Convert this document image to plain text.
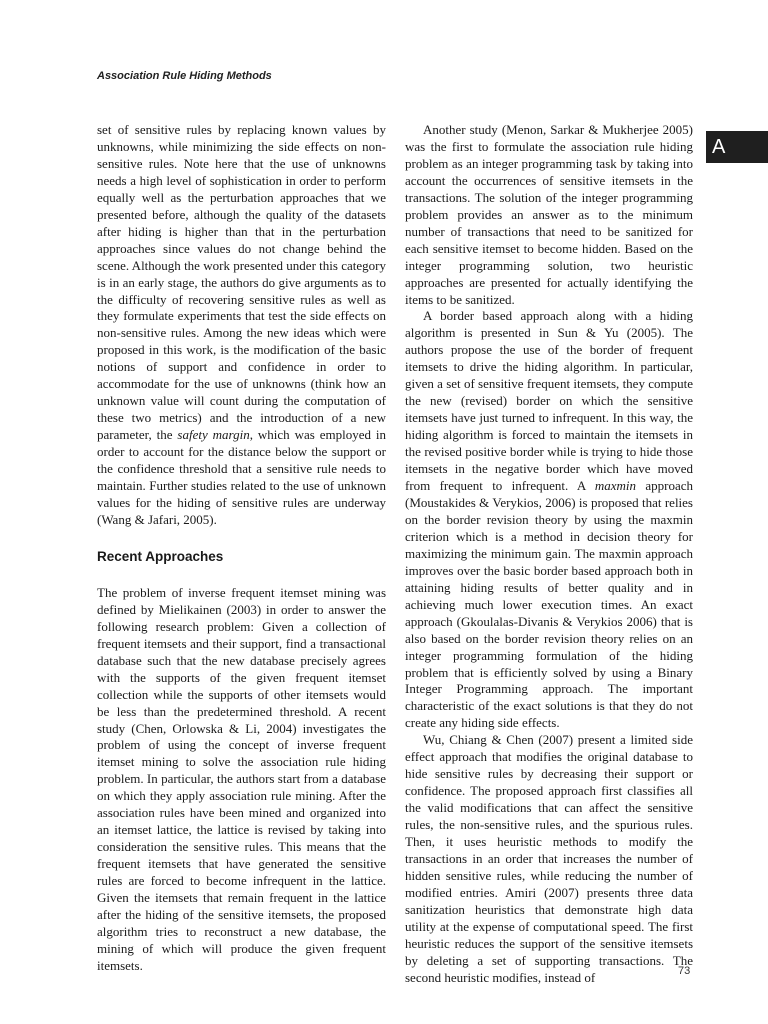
Association Rule Hiding Methods
A

set of sensitive rules by replacing known values by unknowns, while minimizing the side effects on non-sensitive rules. Note here that the use of unknowns needs a high level of sophistication in order to perform equally well as the perturbation approaches that we presented before, although the quality of the datasets after hiding is higher than that in the perturbation approaches since values do not change behind the scene. Although the work presented under this category is in an early stage, the authors do give arguments as to the difficulty of recovering sensitive rules as well as they formulate experiments that test the side effects on non-sensitive rules. Among the new ideas which were proposed in this work, is the modification of the basic notions of support and confidence in order to accommodate for the use of unknowns (think how an unknown value will count during the computation of these two metrics) and the introduction of a new parameter, the safety margin, which was employed in order to account for the distance below the support or the confidence threshold that a sensitive rule needs to maintain. Further studies related to the use of unknown values for the hiding of sensitive rules are underway (Wang & Jafari, 2005).

Recent Approaches

The problem of inverse frequent itemset mining was defined by Mielikainen (2003) in order to answer the following research problem: Given a collection of frequent itemsets and their support, find a transactional database such that the new database precisely agrees with the supports of the given frequent itemset collection while the supports of other itemsets would be less than the predetermined threshold. A recent study (Chen, Orlowska & Li, 2004) investigates the problem of using the concept of inverse frequent itemset mining to solve the association rule hiding problem. In particular, the authors start from a database on which they apply association rule mining. After the association rules have been mined and organized into an itemset lattice, the lattice is revised by taking into consideration the sensitive rules. This means that the frequent itemsets that have generated the sensitive rules are forced to become infrequent in the lattice. Given the itemsets that remain frequent in the lattice after the hiding of the sensitive itemsets, the proposed algorithm tries to reconstruct a new database, the mining of which will produce the given frequent itemsets.

Another study (Menon, Sarkar & Mukherjee 2005) was the first to formulate the association rule hiding problem as an integer programming task by taking into account the occurrences of sensitive itemsets in the transactions. The solution of the integer programming problem provides an answer as to the minimum number of transactions that need to be sanitized for each sensitive itemset to become hidden. Based on the integer programming solution, two heuristic approaches are presented for actually identifying the items to be sanitized.

A border based approach along with a hiding algorithm is presented in Sun & Yu (2005). The authors propose the use of the border of frequent itemsets to drive the hiding algorithm. In particular, given a set of sensitive frequent itemsets, they compute the new (revised) border on which the sensitive itemsets have just turned to infrequent. In this way, the hiding algorithm is forced to maintain the itemsets in the revised positive border while is trying to hide those itemsets in the negative border which have moved from frequent to infrequent. A maxmin approach (Moustakides & Verykios, 2006) is proposed that relies on the border revision theory by using the maxmin criterion which is a method in decision theory for maximizing the minimum gain. The maxmin approach improves over the basic border based approach both in attaining hiding results of better quality and in achieving much lower execution times. An exact approach (Gkoulalas-Divanis & Verykios 2006) that is also based on the border revision theory relies on an integer programming formulation of the hiding problem that is efficiently solved by using a Binary Integer Programming approach. The important characteristic of the exact solutions is that they do not create any hiding side effects.

Wu, Chiang & Chen (2007) present a limited side effect approach that modifies the original database to hide sensitive rules by decreasing their support or confidence. The proposed approach first classifies all the valid modifications that can affect the sensitive rules, the non-sensitive rules, and the spurious rules. Then, it uses heuristic methods to modify the transactions in an order that increases the number of hidden sensitive rules, while reducing the number of modified entries. Amiri (2007) presents three data sanitization heuristics that demonstrate high data utility at the expense of computational speed. The first heuristic reduces the support of the sensitive itemsets by deleting a set of supporting transactions. The second heuristic modifies, instead of	73
